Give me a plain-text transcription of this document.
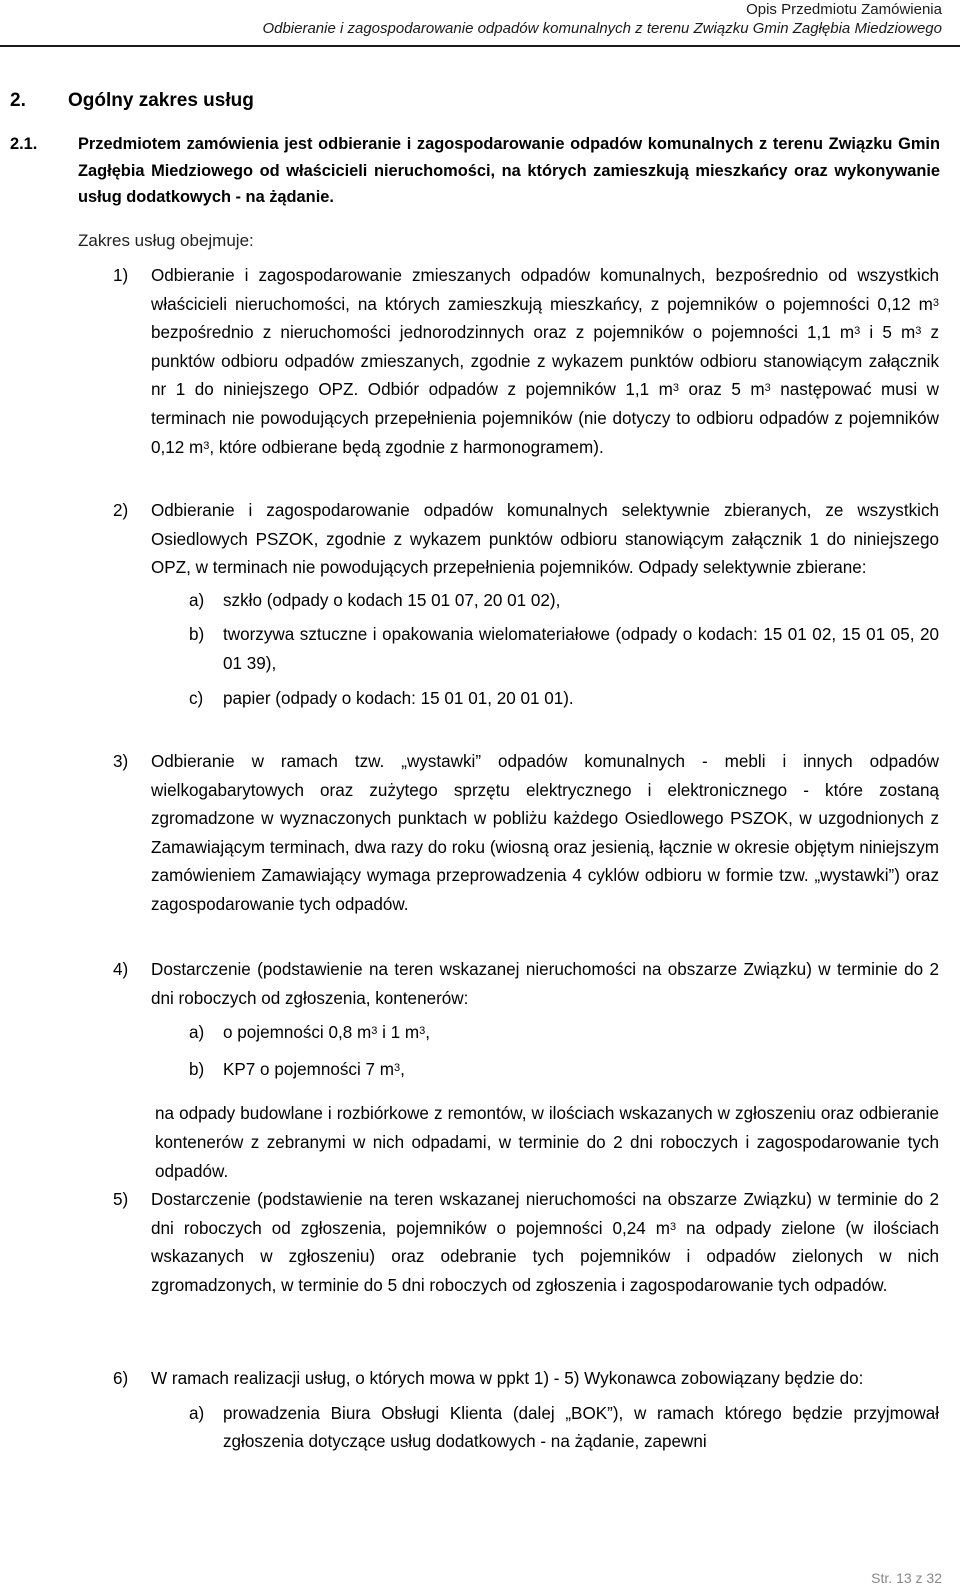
Opis Przedmiotu Zamówienia
Odbieranie i zagospodarowanie odpadów komunalnych z terenu Związku Gmin Zagłębia Miedziowego
2. Ogólny zakres usług
2.1. Przedmiotem zamówienia jest odbieranie i zagospodarowanie odpadów komunalnych z terenu Związku Gmin Zagłębia Miedziowego od właścicieli nieruchomości, na których zamieszkują mieszkańcy oraz wykonywanie usług dodatkowych - na żądanie.
Zakres usług obejmuje:
1) Odbieranie i zagospodarowanie zmieszanych odpadów komunalnych, bezpośrednio od wszystkich właścicieli nieruchomości, na których zamieszkują mieszkańcy, z pojemników o pojemności 0,12 $m^3$ bezpośrednio z nieruchomości jednorodzinnych oraz z pojemników o pojemności 1,1 $m^3$ i 5 $m^3$ z punktów odbioru odpadów zmieszanych, zgodnie z wykazem punktów odbioru stanowiącym załącznik nr 1 do niniejszego OPZ. Odbiór odpadów z pojemników 1,1 $m^3$ oraz 5 $m^3$ następować musi w terminach nie powodujących przepełnienia pojemników (nie dotyczy to odbioru odpadów z pojemników 0,12 $m^3$, które odbierane będą zgodnie z harmonogramem).
2) Odbieranie i zagospodarowanie odpadów komunalnych selektywnie zbieranych, ze wszystkich Osiedlowych PSZOK, zgodnie z wykazem punktów odbioru stanowiącym załącznik 1 do niniejszego OPZ, w terminach nie powodujących przepełnienia pojemników. Odpady selektywnie zbierane:
a) szkło (odpady o kodach 15 01 07, 20 01 02),
b) tworzywa sztuczne i opakowania wielomateriałowe (odpady o kodach: 15 01 02, 15 01 05, 20 01 39),
c) papier (odpady o kodach: 15 01 01, 20 01 01).
3) Odbieranie w ramach tzw. „wystawki” odpadów komunalnych - mebli i innych odpadów wielkogabarytowych oraz zużytego sprzętu elektrycznego i elektronicznego - które zostaną zgromadzone w wyznaczonych punktach w pobliżu każdego Osiedlowego PSZOK, w uzgodnionych z Zamawiającym terminach, dwa razy do roku (wiosną oraz jesienią, łącznie w okresie objętym niniejszym zamówieniem Zamawiający wymaga przeprowadzenia 4 cyklów odbioru w formie tzw. „wystawki”) oraz zagospodarowanie tych odpadów.
4) Dostarczenie (podstawienie na teren wskazanej nieruchomości na obszarze Związku) w terminie do 2 dni roboczych od zgłoszenia, kontenerów:
a) o pojemności 0,8 $m^3$ i 1 $m^3$,
b) KP7 o pojemności 7 $m^3$,
na odpady budowlane i rozbiórkowe z remontów, w ilościach wskazanych w zgłoszeniu oraz odbieranie kontenerów z zebranymi w nich odpadami, w terminie do 2 dni roboczych i zagospodarowanie tych odpadów.
5) Dostarczenie (podstawienie na teren wskazanej nieruchomości na obszarze Związku) w terminie do 2 dni roboczych od zgłoszenia, pojemników o pojemności 0,24 $m^3$ na odpady zielone (w ilościach wskazanych w zgłoszeniu) oraz odebranie tych pojemników i odpadów zielonych w nich zgromadzonych, w terminie do 5 dni roboczych od zgłoszenia i zagospodarowanie tych odpadów.
6) W ramach realizacji usług, o których mowa w ppkt 1) - 5) Wykonawca zobowiązany będzie do:
a) prowadzenia Biura Obsługi Klienta (dalej „BOK”), w ramach którego będzie przyjmował zgłoszenia dotyczące usług dodatkowych - na żądanie, zapewni
Str. 13 z 32
